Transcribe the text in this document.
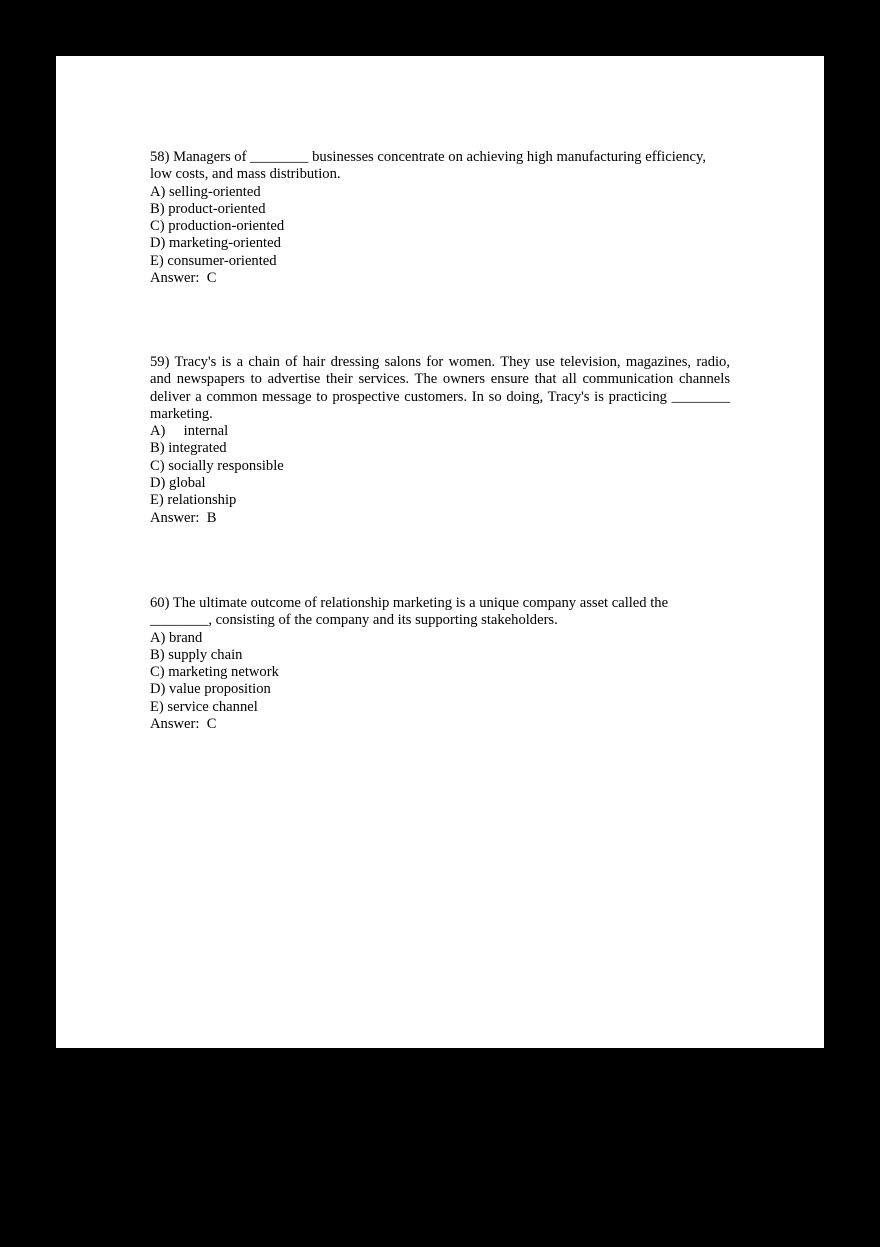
58) Managers of ________ businesses concentrate on achieving high manufacturing efficiency, low costs, and mass distribution.

A) selling-oriented

B) product-oriented

C) production-oriented

D) marketing-oriented

E) consumer-oriented

Answer:  C

59) Tracy's is a chain of hair dressing salons for women. They use television, magazines, radio, and newspapers to advertise their services. The owners ensure that all communication channels deliver a common message to prospective customers. In so doing, Tracy's is practicing ________ marketing.

A)     internal

B) integrated

C) socially responsible

D) global

E) relationship

Answer:  B

60) The ultimate outcome of relationship marketing is a unique company asset called the ________, consisting of the company and its supporting stakeholders.

A) brand

B) supply chain

C) marketing network

D) value proposition

E) service channel

Answer:  C
